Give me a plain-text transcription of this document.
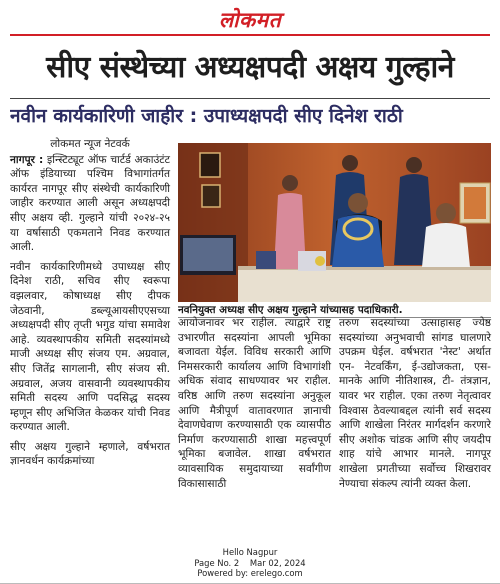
लोकमत
सीए संस्थेच्या अध्यक्षपदी अक्षय गुल्हाने
नवीन कार्यकारिणी जाहीर : उपाध्यक्षपदी सीए दिनेश राठी
लोकमत न्यूज नेटवर्क

नागपूर : इन्स्टिट्यूट ऑफ चार्टर्ड अकाउंटंट ऑफ इंडियाच्या पश्चिम विभागांतर्गत कार्यरत नागपूर सीए संस्थेची कार्यकारिणी जाहीर करण्यात आली असून अध्यक्षपदी सीए अक्षय व्ही. गुल्हाने यांची २०२४-२५ या वर्षासाठी एकमताने निवड करण्यात आली.

नवीन कार्यकारिणीमध्ये उपाध्यक्ष सीए दिनेश राठी, सचिव सीए स्वरूपा वझलवार, कोषाध्यक्ष सीए दीपक जेठवानी, डब्ल्यूआयसीएएसच्या अध्यक्षपदी सीए तृप्ती भगुड यांचा समावेश आहे. व्यवस्थापकीय समिती सदस्यांमध्ये माजी अध्यक्ष सीए संजय एम. अग्रवाल, सीए जितेंद्र सागलानी, सीए संजय सी. अग्रवाल, अजय वासवानी व्यवस्थापकीय समिती सदस्य आणि पदसिद्ध सदस्य म्हणून सीए अभिजित केळकर यांची निवड करण्यात आली.

सीए अक्षय गुल्हाने म्हणाले, वर्षभरात ज्ञानवर्धन कार्यक्रमांच्या

नवनियुक्त अध्यक्ष सीए अक्षय गुल्हाने यांच्यासह पदाधिकारी.

आयोजनावर भर राहील. त्याद्वारे राष्ट्र उभारणीत सदस्यांना आपली भूमिका बजावता येईल. विविध सरकारी आणि निमसरकारी कार्यालय आणि विभागांशी अधिक संवाद साधण्यावर भर राहील. वरिष्ठ आणि तरुण सदस्यांना अनुकूल आणि मैत्रीपूर्ण वातावरणात ज्ञानाची देवाणघेवाण करण्यासाठी एक व्यासपीठ निर्माण करण्यासाठी शाखा महत्त्वपूर्ण भूमिका बजावेल. शाखा वर्षभरात व्यावसायिक समुदायाच्या सर्वांगीण विकासासाठी

तरुण सदस्यांच्या उत्साहासह ज्येष्ठ सदस्यांच्या अनुभवाची सांगड घालणारे उपक्रम घेईल. वर्षभरात 'नेस्ट' अर्थात एन- नेटवर्किंग, ई-उद्योजकता, एस- मानके आणि नीतिशास्त्र, टी- तंत्रज्ञान, यावर भर राहील. एका तरुण नेतृत्वावर विश्वास ठेवल्याबद्दल त्यांनी सर्व सदस्य आणि शाखेला निरंतर मार्गदर्शन करणारे सीए अशोक चांडक आणि सीए जयदीप शाह यांचे आभार मानले. नागपूर शाखेला प्रगतीच्या सर्वोच्च शिखरावर नेण्याचा संकल्प त्यांनी व्यक्त केला.

Hello Nagpur
Page No. 2    Mar 02, 2024
Powered by: erelego.com
